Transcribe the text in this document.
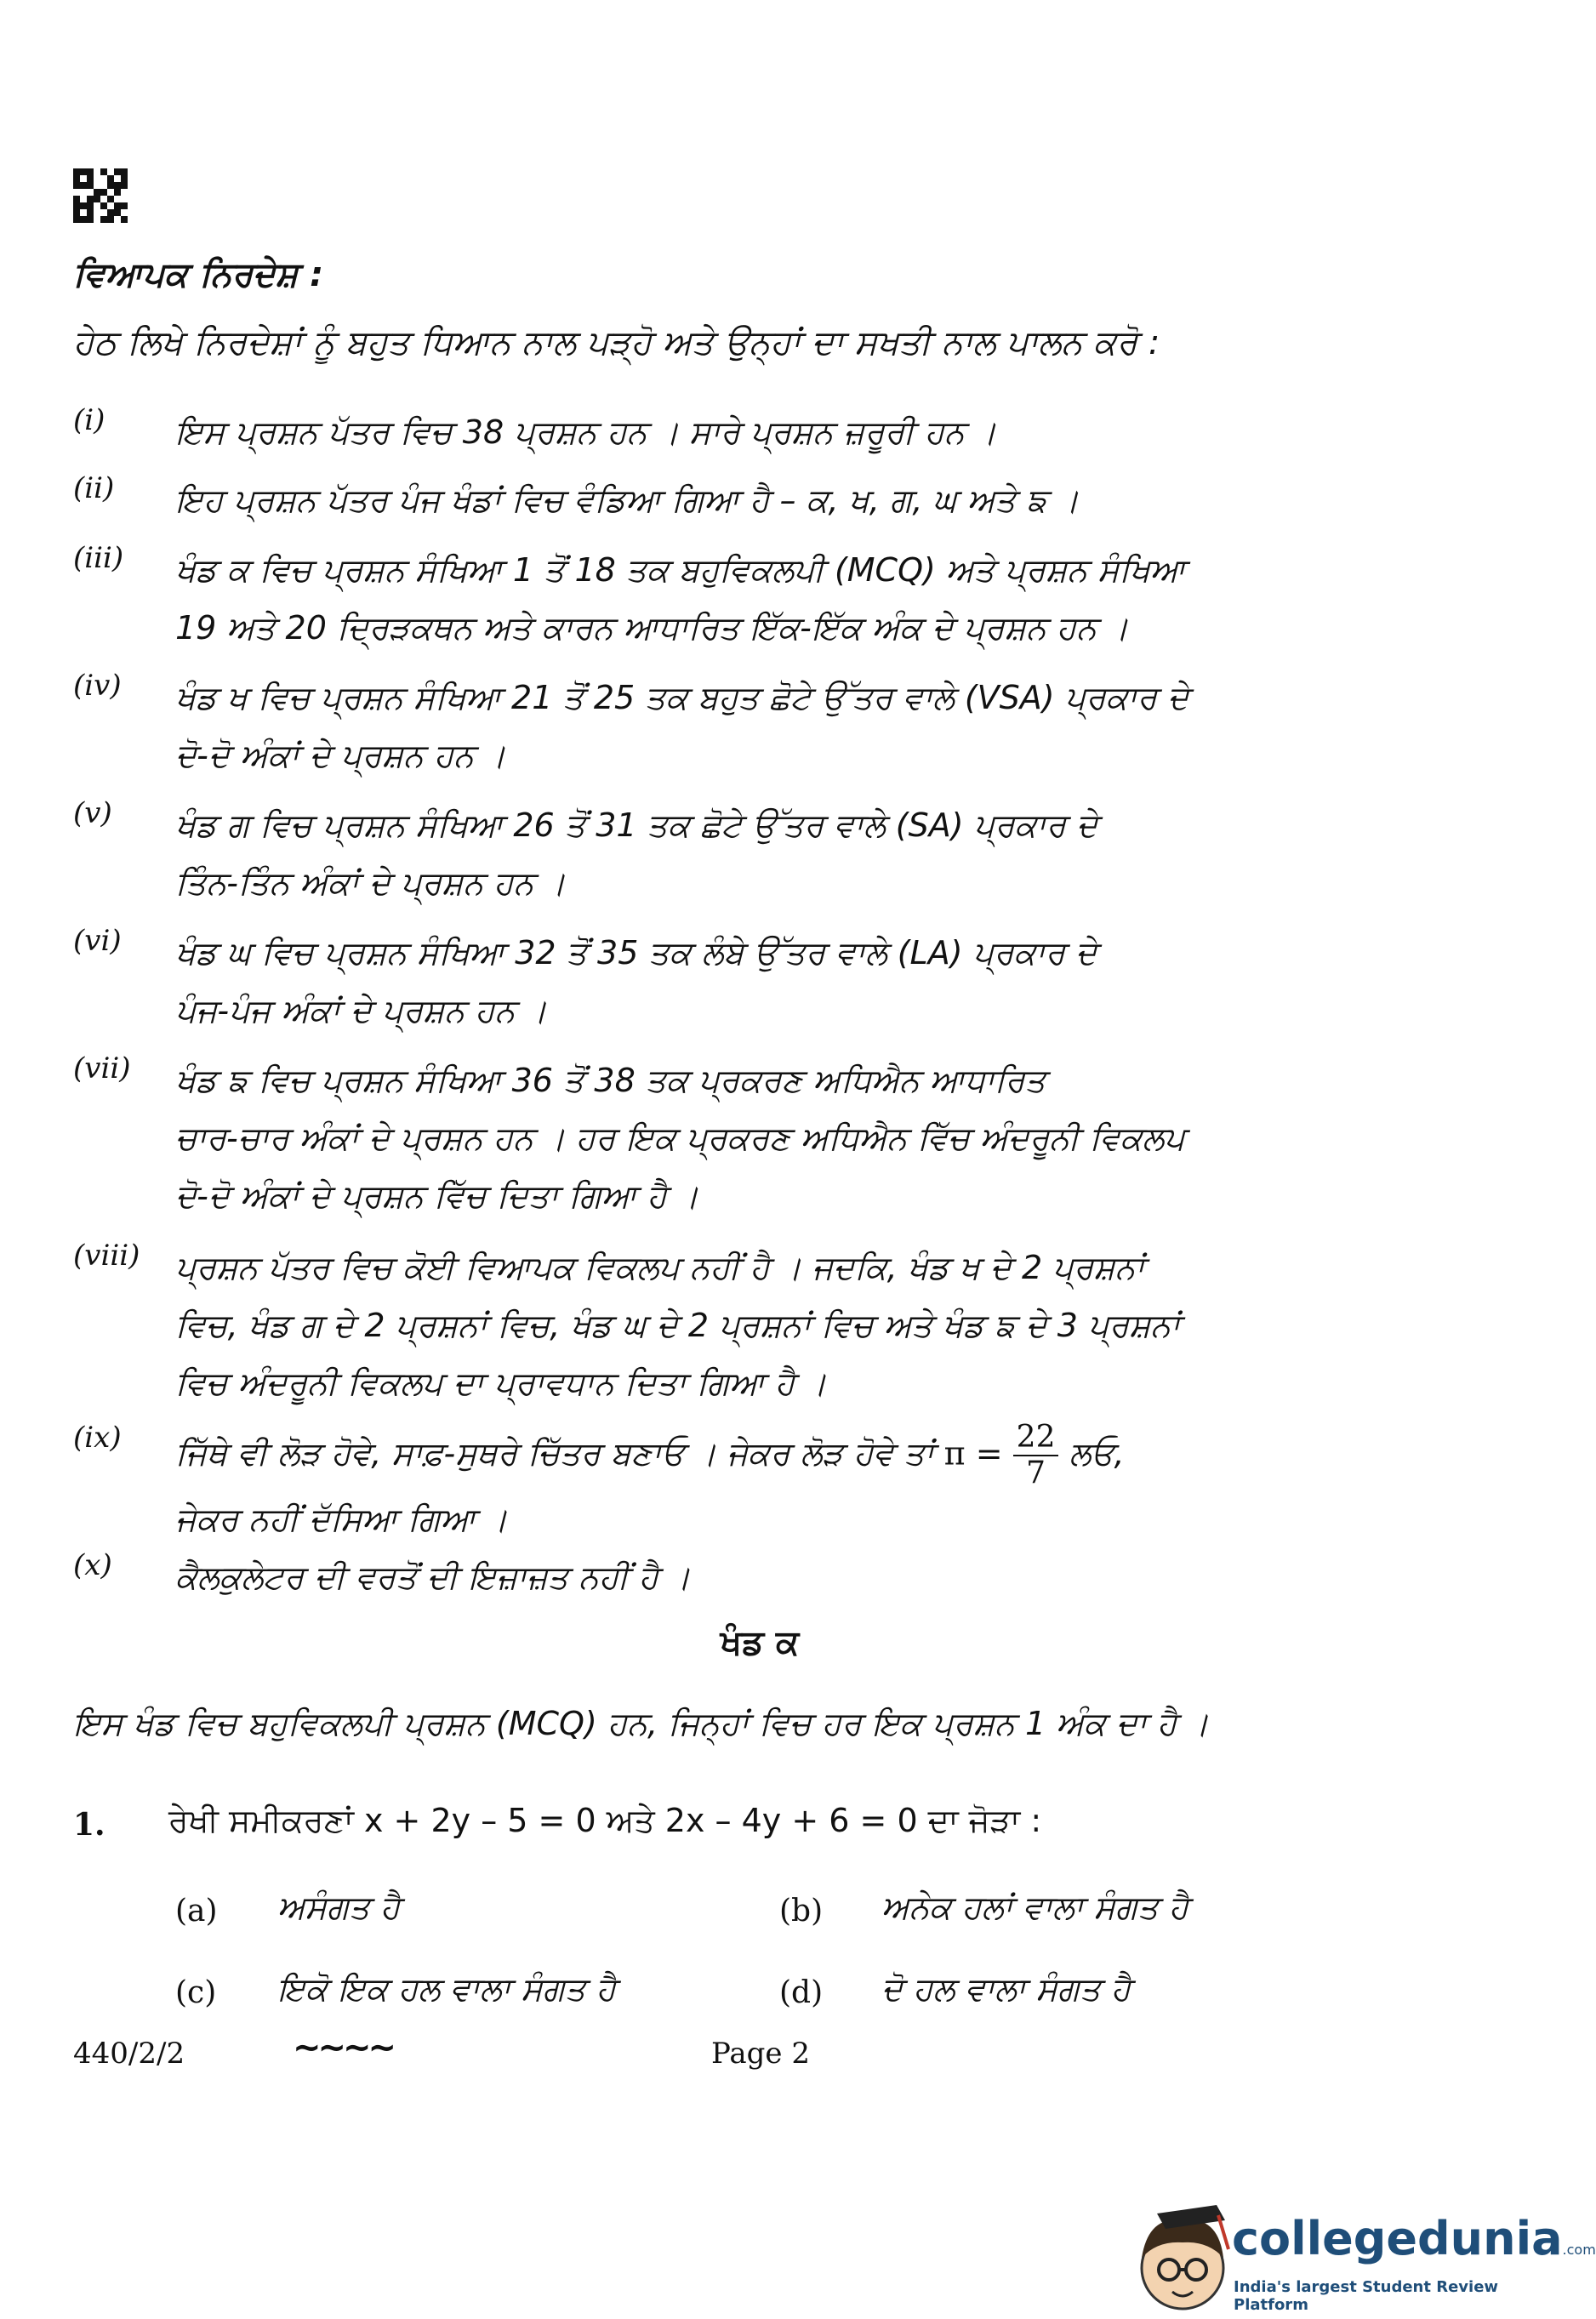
ਵਿਆਪਕ ਨਿਰਦੇਸ਼ :
ਹੇਠ ਲਿਖੇ ਨਿਰਦੇਸ਼ਾਂ ਨੂੰ ਬਹੁਤ ਧਿਆਨ ਨਾਲ ਪੜ੍ਹੋ ਅਤੇ ਉਨ੍ਹਾਂ ਦਾ ਸਖਤੀ ਨਾਲ ਪਾਲਨ ਕਰੋ :
(i) ਇਸ ਪ੍ਰਸ਼ਨ ਪੱਤਰ ਵਿਚ 38 ਪ੍ਰਸ਼ਨ ਹਨ । ਸਾਰੇ ਪ੍ਰਸ਼ਨ ਜ਼ਰੂਰੀ ਹਨ ।
(ii) ਇਹ ਪ੍ਰਸ਼ਨ ਪੱਤਰ ਪੰਜ ਖੰਡਾਂ ਵਿਚ ਵੰਡਿਆ ਗਿਆ ਹੈ – ਕ, ਖ, ਗ, ਘ ਅਤੇ ਙ ।
(iii) ਖੰਡ ਕ ਵਿਚ ਪ੍ਰਸ਼ਨ ਸੰਖਿਆ 1 ਤੋਂ 18 ਤਕ ਬਹੁਵਿਕਲਪੀ (MCQ) ਅਤੇ ਪ੍ਰਸ਼ਨ ਸੰਖਿਆ
19 ਅਤੇ 20 ਦ੍ਰਿੜਕਥਨ ਅਤੇ ਕਾਰਨ ਆਧਾਰਿਤ ਇੱਕ-ਇੱਕ ਅੰਕ ਦੇ ਪ੍ਰਸ਼ਨ ਹਨ ।
(iv) ਖੰਡ ਖ ਵਿਚ ਪ੍ਰਸ਼ਨ ਸੰਖਿਆ 21 ਤੋਂ 25 ਤਕ ਬਹੁਤ ਛੋਟੇ ਉੱਤਰ ਵਾਲੇ (VSA) ਪ੍ਰਕਾਰ ਦੇ
ਦੋ-ਦੋ ਅੰਕਾਂ ਦੇ ਪ੍ਰਸ਼ਨ ਹਨ ।
(v) ਖੰਡ ਗ ਵਿਚ ਪ੍ਰਸ਼ਨ ਸੰਖਿਆ 26 ਤੋਂ 31 ਤਕ ਛੋਟੇ ਉੱਤਰ ਵਾਲੇ (SA) ਪ੍ਰਕਾਰ ਦੇ
ਤਿੰਨ-ਤਿੰਨ ਅੰਕਾਂ ਦੇ ਪ੍ਰਸ਼ਨ ਹਨ ।
(vi) ਖੰਡ ਘ ਵਿਚ ਪ੍ਰਸ਼ਨ ਸੰਖਿਆ 32 ਤੋਂ 35 ਤਕ ਲੰਬੇ ਉੱਤਰ ਵਾਲੇ (LA) ਪ੍ਰਕਾਰ ਦੇ
ਪੰਜ-ਪੰਜ ਅੰਕਾਂ ਦੇ ਪ੍ਰਸ਼ਨ ਹਨ ।
(vii) ਖੰਡ ਙ ਵਿਚ ਪ੍ਰਸ਼ਨ ਸੰਖਿਆ 36 ਤੋਂ 38 ਤਕ ਪ੍ਰਕਰਣ ਅਧਿਐਨ ਆਧਾਰਿਤ
ਚਾਰ-ਚਾਰ ਅੰਕਾਂ ਦੇ ਪ੍ਰਸ਼ਨ ਹਨ । ਹਰ ਇਕ ਪ੍ਰਕਰਣ ਅਧਿਐਨ ਵਿੱਚ ਅੰਦਰੂਨੀ ਵਿਕਲਪ
ਦੋ-ਦੋ ਅੰਕਾਂ ਦੇ ਪ੍ਰਸ਼ਨ ਵਿੱਚ ਦਿਤਾ ਗਿਆ ਹੈ ।
(viii) ਪ੍ਰਸ਼ਨ ਪੱਤਰ ਵਿਚ ਕੋਈ ਵਿਆਪਕ ਵਿਕਲਪ ਨਹੀਂ ਹੈ । ਜਦਕਿ, ਖੰਡ ਖ ਦੇ 2 ਪ੍ਰਸ਼ਨਾਂ
ਵਿਚ, ਖੰਡ ਗ ਦੇ 2 ਪ੍ਰਸ਼ਨਾਂ ਵਿਚ, ਖੰਡ ਘ ਦੇ 2 ਪ੍ਰਸ਼ਨਾਂ ਵਿਚ ਅਤੇ ਖੰਡ ਙ ਦੇ 3 ਪ੍ਰਸ਼ਨਾਂ
ਵਿਚ ਅੰਦਰੂਨੀ ਵਿਕਲਪ ਦਾ ਪ੍ਰਾਵਧਾਨ ਦਿਤਾ ਗਿਆ ਹੈ ।
(ix) ਜਿੱਥੇ ਵੀ ਲੋੜ ਹੋਵੇ, ਸਾਫ਼-ਸੁਥਰੇ ਚਿੱਤਰ ਬਣਾਓ । ਜੇਕਰ ਲੋੜ ਹੋਵੇ ਤਾਂ $\pi = \frac{22}{7}$ ਲਓ,
ਜੇਕਰ ਨਹੀਂ ਦੱਸਿਆ ਗਿਆ ।
(x) ਕੈਲਕੁਲੇਟਰ ਦੀ ਵਰਤੋਂ ਦੀ ਇਜ਼ਾਜ਼ਤ ਨਹੀਂ ਹੈ ।
ਖੰਡ ਕ
ਇਸ ਖੰਡ ਵਿਚ ਬਹੁਵਿਕਲਪੀ ਪ੍ਰਸ਼ਨ (MCQ) ਹਨ, ਜਿਨ੍ਹਾਂ ਵਿਚ ਹਰ ਇਕ ਪ੍ਰਸ਼ਨ 1 ਅੰਕ ਦਾ ਹੈ ।
1. ਰੇਖੀ ਸਮੀਕਰਣਾਂ x + 2y – 5 = 0 ਅਤੇ 2x – 4y + 6 = 0 ਦਾ ਜੋੜਾ :
(a) ਅਸੰਗਤ ਹੈ	(b) ਅਨੇਕ ਹਲਾਂ ਵਾਲਾ ਸੰਗਤ ਹੈ
(c) ਇਕੋ ਇਕ ਹਲ ਵਾਲਾ ਸੰਗਤ ਹੈ	(d) ਦੋ ਹਲ ਵਾਲਾ ਸੰਗਤ ਹੈ
440/2/2	~~~~	Page 2
collegedunia.com
India's largest Student Review Platform
